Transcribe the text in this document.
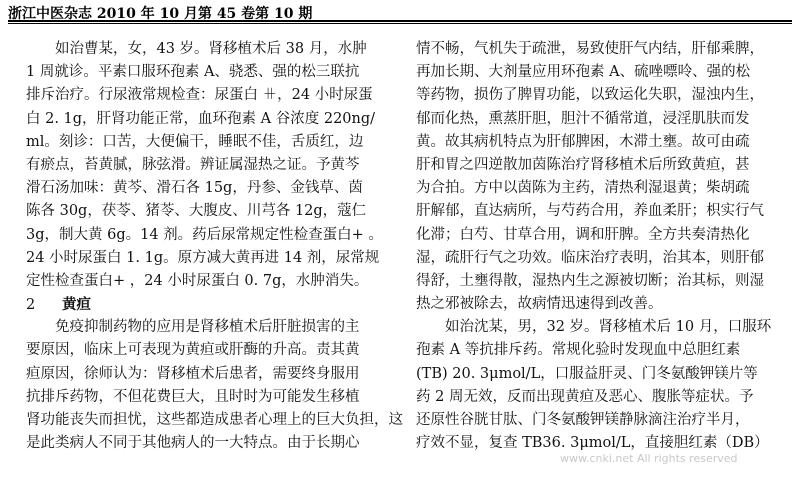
浙江中医杂志 2010 年 10 月第 45 卷第 10 期
如治曹某，女，43 岁。肾移植术后 38 月，水肿
1 周就诊。平素口服环孢素 A、骁悉、强的松三联抗
排斥治疗。行尿液常规检查：尿蛋白 ⧺，24 小时尿蛋
白 2. 1g，肝肾功能正常，血环孢素 A 谷浓度 220ng/
ml。刻诊：口苦，大便偏干，睡眠不佳，舌质红，边
有瘀点，苔黄腻，脉弦滑。辨证属湿热之证。予黄芩
滑石汤加味：黄芩、滑石各 15g，丹参、金钱草、茵
陈各 30g，茯苓、猪苓、大腹皮、川芎各 12g，蔻仁
3g，制大黄 6g。14 剂。药后尿常规定性检查蛋白+ 。
24 小时尿蛋白 1. 1g。原方减大黄再进 14 剂，尿常规
定性检查蛋白+ ，24 小时尿蛋白 0. 7g，水肿消失。
2 黄疸
免疫抑制药物的应用是肾移植术后肝脏损害的主
要原因，临床上可表现为黄疸或肝酶的升高。责其黄
疸原因，徐师认为：肾移植术后患者，需要终身服用
抗排斥药物，不但花费巨大，且时时为可能发生移植
肾功能丧失而担忧，这些都造成患者心理上的巨大负担，这
是此类病人不同于其他病人的一大特点。由于长期心
情不畅，气机失于疏泄，易致使肝气内结，肝郁乘脾，
再加长期、大剂量应用环孢素 A、硫唑嘌呤、强的松
等药物，损伤了脾胃功能，以致运化失职，湿浊内生，
郁而化热，熏蒸肝胆，胆汁不循常道，浸淫肌肤而发
黄。故其病机特点为肝郁脾困，木滞土壅。故可由疏
肝和胃之四逆散加茵陈治疗肾移植术后所致黄疸，甚
为合拍。方中以茵陈为主药，清热利湿退黄；柴胡疏
肝解郁，直达病所，与芍药合用，养血柔肝；枳实行气
化滞；白芍、甘草合用，调和肝脾。全方共奏清热化
湿，疏肝行气之功效。临床治疗表明，治其本，则肝郁
得舒，土壅得散，湿热内生之源被切断；治其标，则湿
热之邪被除去，故病情迅速得到改善。
如治沈某，男，32 岁。肾移植术后 10 月，口服环
孢素 A 等抗排斥药。常规化验时发现血中总胆红素
(TB) 20. 3μmol/L，口服益肝灵、门冬氨酸钾镁片等
药 2 周无效，反而出现黄疸及恶心、腹胀等症状。予
还原性谷胱甘肽、门冬氨酸钾镁静脉滴注治疗半月，
疗效不显，复查 TB36. 3μmol/L，直接胆红素（DB）
www.cnki.net All rights reserved
